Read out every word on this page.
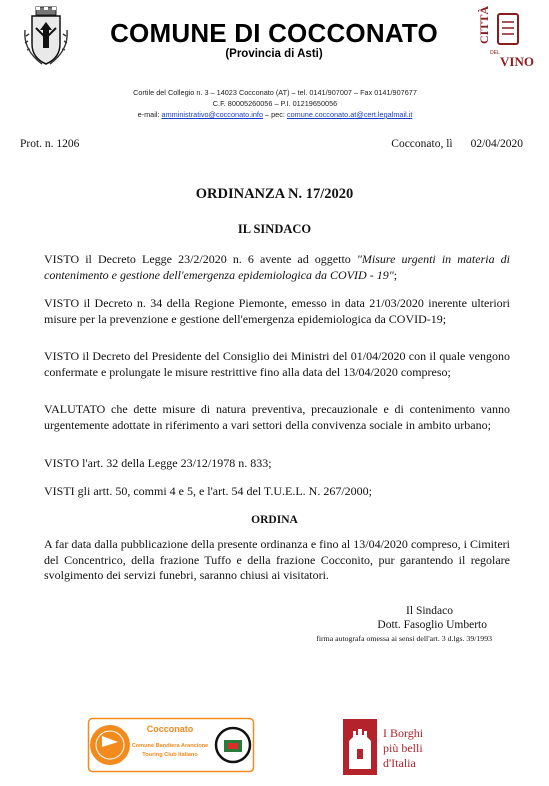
COMUNE DI COCCONATO
(Provincia di Asti)
CITTÀ
DEL
VINO
Cortile del Collegio n. 3 – 14023 Cocconato (AT) – tel. 0141/907007 – Fax 0141/907677
C.F. 80005260056 – P.I. 01219650056
e-mail: amministrativo@cocconato.info – pec: comune.cocconato.at@cert.legalmail.it
Prot. n. 1206	Cocconato, lì 02/04/2020
ORDINANZA N. 17/2020
IL SINDACO
VISTO il Decreto Legge 23/2/2020 n. 6 avente ad oggetto "Misure urgenti in materia di contenimento e gestione dell'emergenza epidemiologica da COVID - 19";
VISTO il Decreto n. 34 della Regione Piemonte, emesso in data 21/03/2020 inerente ulteriori misure per la prevenzione e gestione dell'emergenza epidemiologica da COVID-19;
VISTO il Decreto del Presidente del Consiglio dei Ministri del 01/04/2020 con il quale vengono confermate e prolungate le misure restrittive fino alla data del 13/04/2020 compreso;
VALUTATO che dette misure di natura preventiva, precauzionale e di contenimento vanno urgentemente adottate in riferimento a vari settori della convivenza sociale in ambito urbano;
VISTO l'art. 32 della Legge 23/12/1978 n. 833;
VISTI gli artt. 50, commi 4 e 5, e l'art. 54 del T.U.E.L. N. 267/2000;
ORDINA
A far data dalla pubblicazione della presente ordinanza e fino al 13/04/2020 compreso, i Cimiteri del Concentrico, della frazione Tuffo e della frazione Cocconito, pur garantendo il regolare svolgimento dei servizi funebri, saranno chiusi ai visitatori.
Il Sindaco
Dott. Fasoglio Umberto
firma autografa omessa ai sensi dell'art. 3 d.lgs. 39/1993
Cocconato
Comune Bandiera Arancione
Touring Club Italiano
I Borghi
più belli
d'Italia
